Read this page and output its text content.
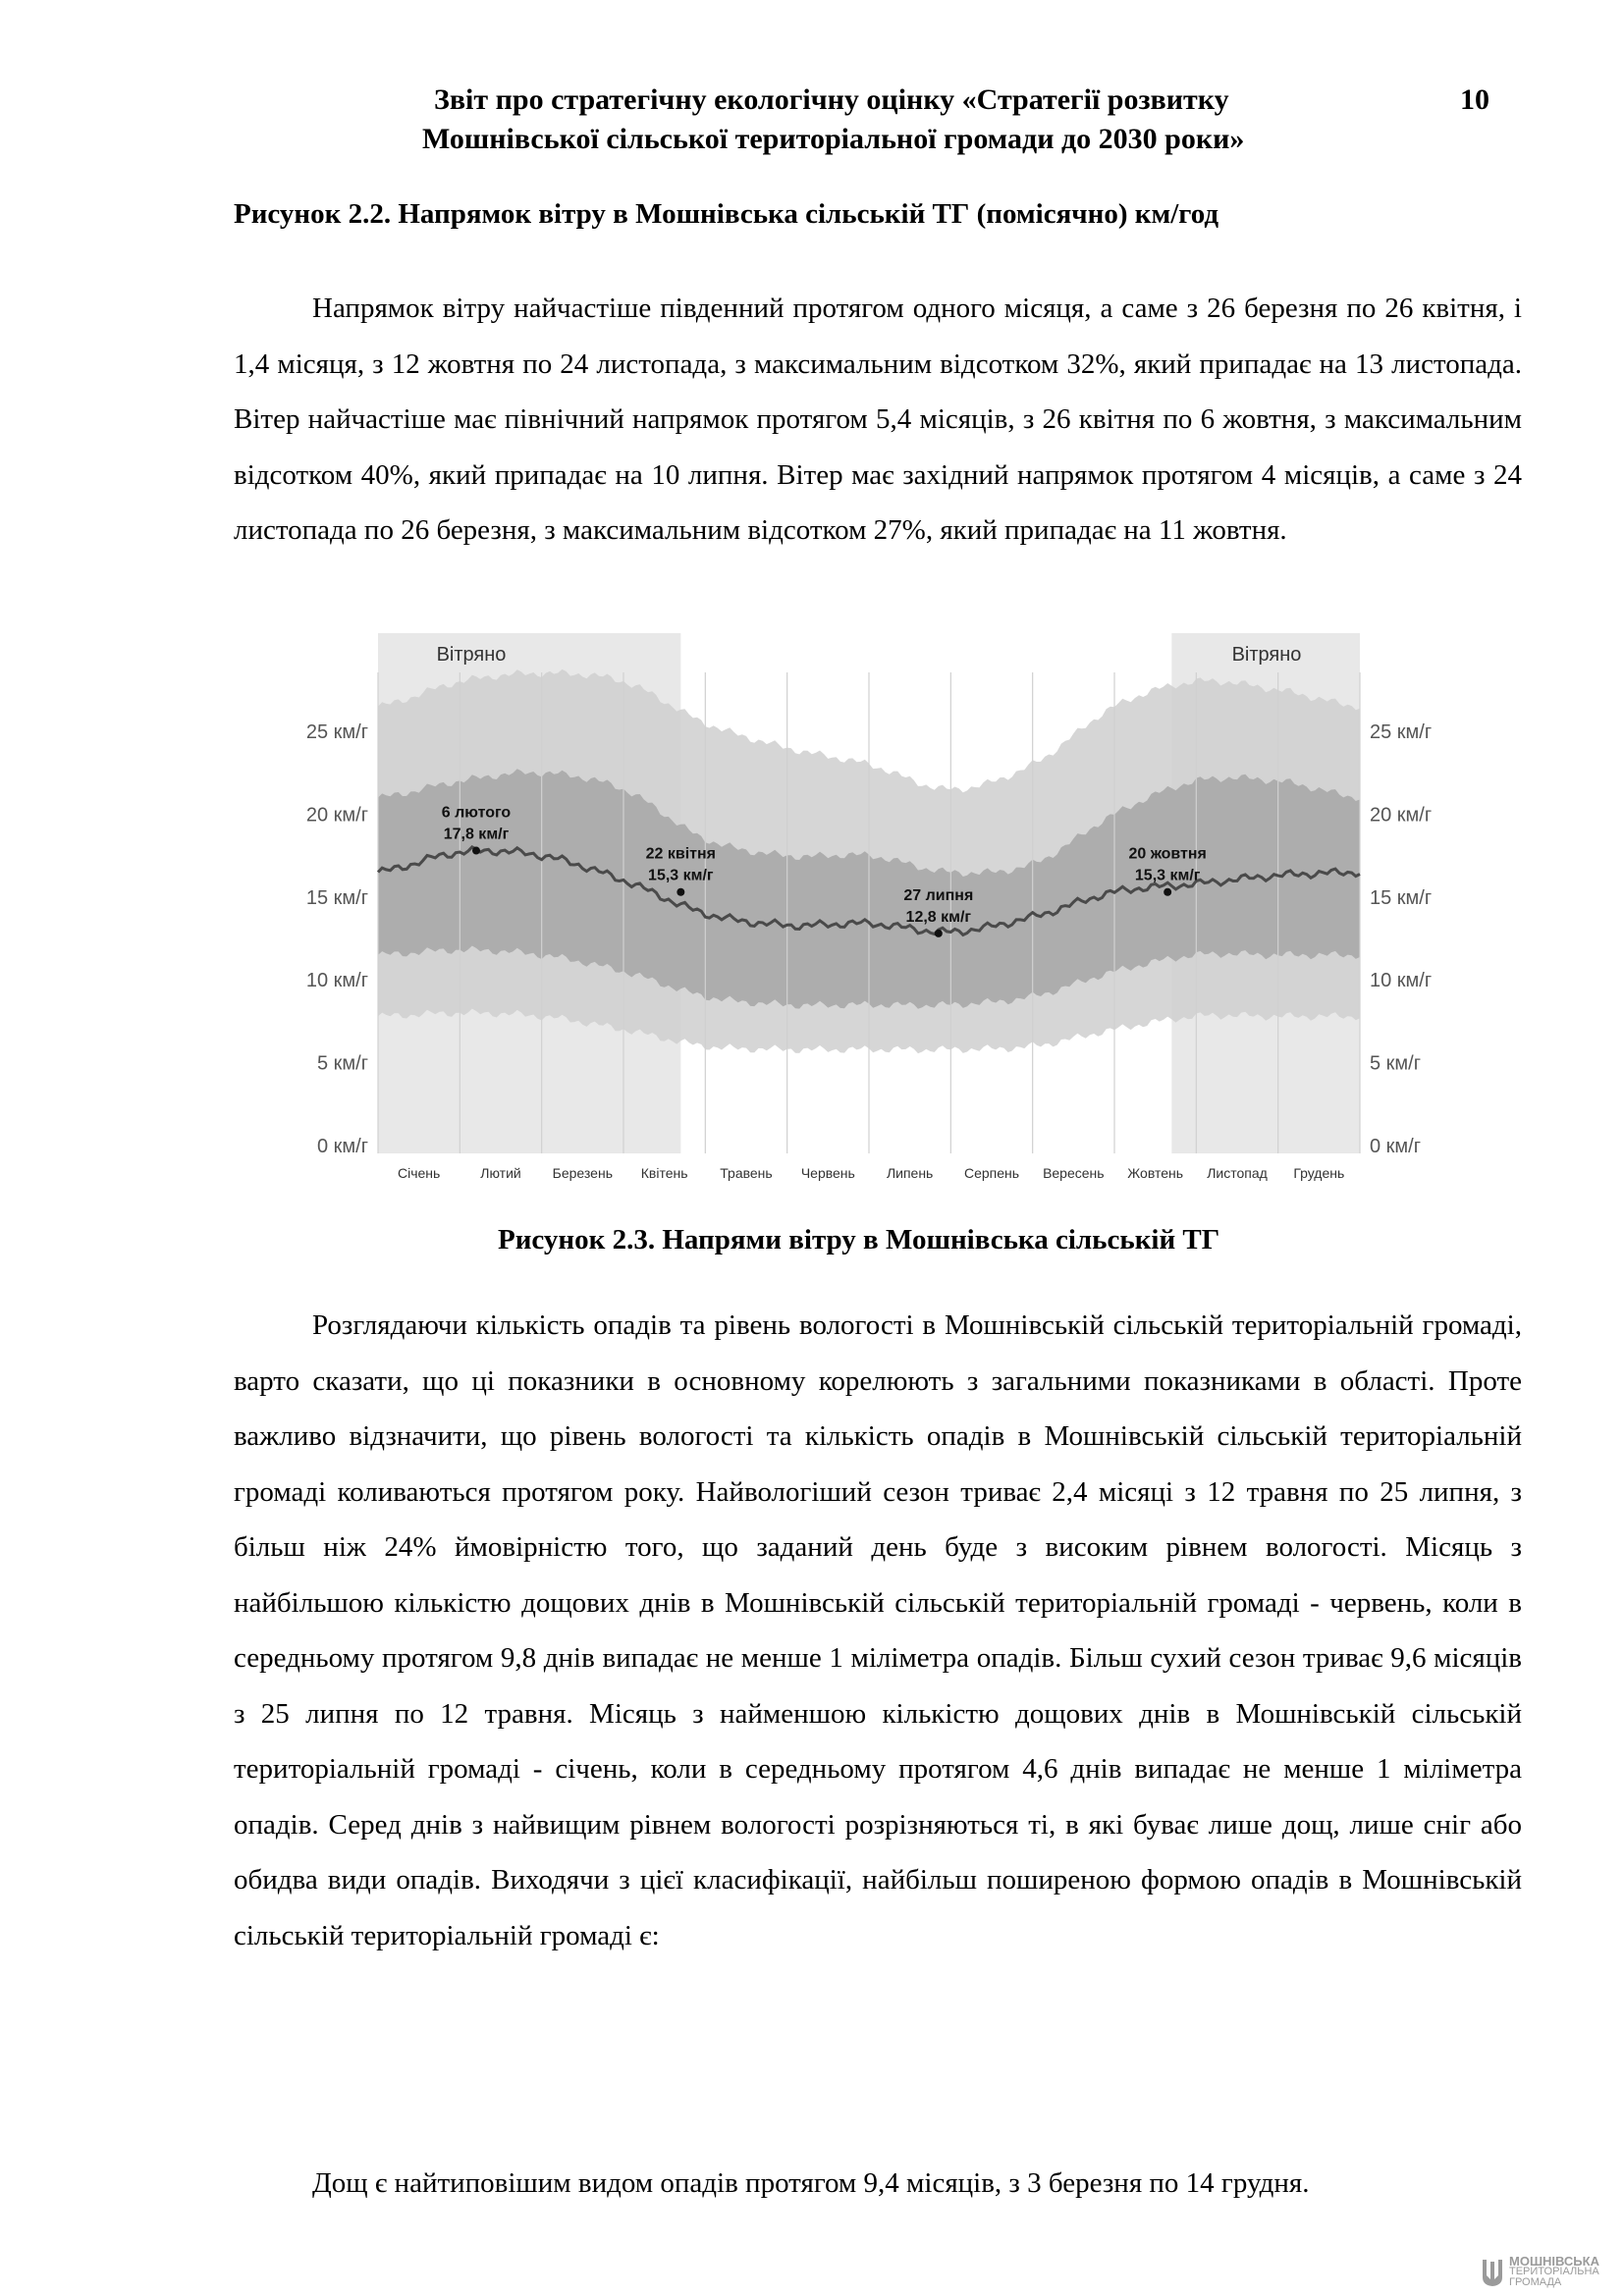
Звіт про стратегічну екологічну оцінку «Стратегії розвитку
Мошнівської сільської територіальної громади до 2030 роки»
10
Рисунок 2.2. Напрямок вітру в Мошнівська сільській ТГ (помісячно) км/год
Напрямок вітру найчастіше південний протягом одного місяця, а саме з 26 березня по 26 квітня, і 1,4 місяця, з 12 жовтня по 24 листопада, з максимальним відсотком 32%, який припадає на 13 листопада. Вітер найчастіше має північний напрямок протягом 5,4 місяців, з 26 квітня по 6 жовтня, з максимальним відсотком 40%, який припадає на 10 липня. Вітер має західний напрямок протягом 4 місяців, а саме з 24 листопада по 26 березня, з максимальним відсотком 27%, який припадає на 11 жовтня.
Вітряно	Вітряно
0 км/г	0 км/г
5 км/г	5 км/г
10 км/г	10 км/г
15 км/г	15 км/г
20 км/г	20 км/г
25 км/г	25 км/г
Січень	Лютий Березень Квітень Травень Червень Липень Серпень Вересень Жовтень Листопад Грудень
6 лютого
17,8 км/г
22 квітня
15,3 км/г
27 липня
12,8 км/г
20 жовтня
15,3 км/г
Рисунок 2.3. Напрями вітру в Мошнівська сільській ТГ
Розглядаючи кількість опадів та рівень вологості в Мошнівській сільській територіальній громаді, варто сказати, що ці показники в основному корелюють з загальними показниками в області. Проте важливо відзначити, що рівень вологості та кількість опадів в Мошнівській сільській територіальній громаді коливаються протягом року. Найвологіший сезон триває 2,4 місяці з 12 травня по 25 липня, з більш ніж 24% ймовірністю того, що заданий день буде з високим рівнем вологості. Місяць з найбільшою кількістю дощових днів в Мошнівській сільській територіальній громаді - червень, коли в середньому протягом 9,8 днів випадає не менше 1 міліметра опадів. Більш сухий сезон триває 9,6 місяців з 25 липня по 12 травня. Місяць з найменшою кількістю дощових днів в Мошнівській сільській територіальній громаді - січень, коли в середньому протягом 4,6 днів випадає не менше 1 міліметра опадів. Серед днів з найвищим рівнем вологості розрізняються ті, в які буває лише дощ, лише сніг або обидва види опадів. Виходячи з цієї класифікації, найбільш поширеною формою опадів в Мошнівській сільській територіальній громаді є:
Дощ є найтиповішим видом опадів протягом 9,4 місяців, з 3 березня по 14 грудня.
МОШНІВСЬКА
ТЕРИТОРІАЛЬНА
ГРОМАДА
